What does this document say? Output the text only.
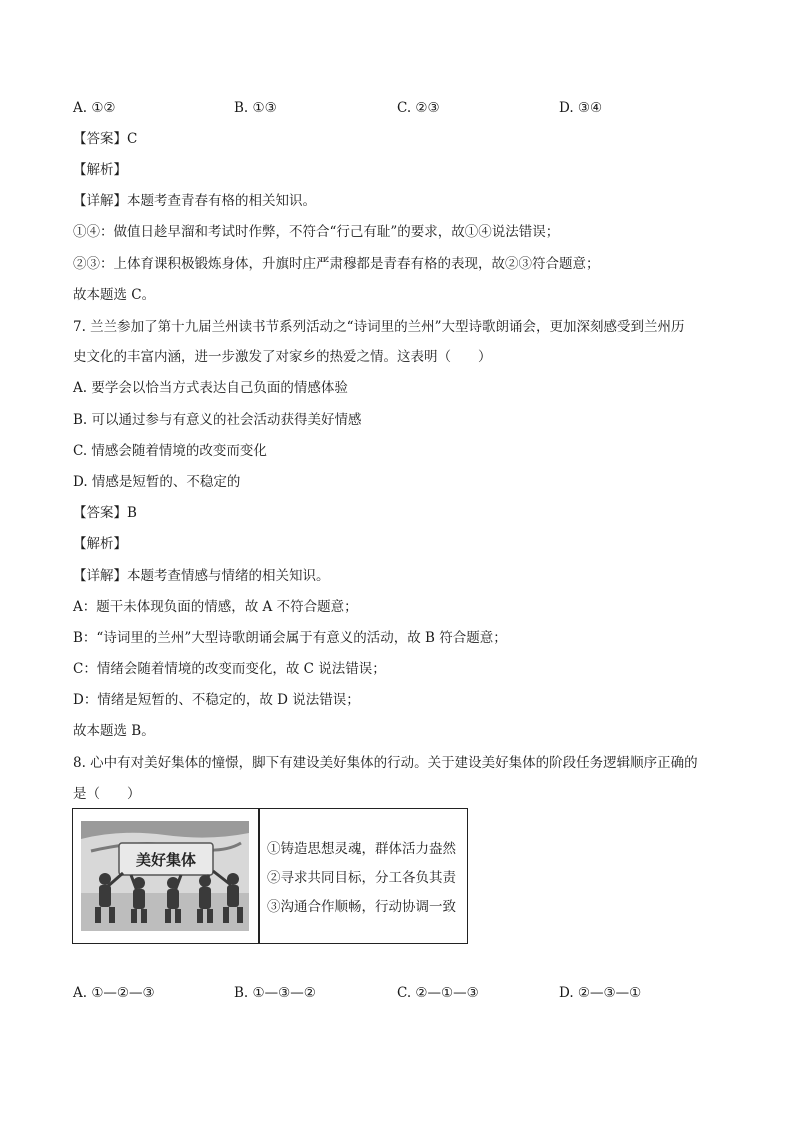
A. ①②	B. ①③	C. ②③	D. ③④
【答案】C
【解析】
【详解】本题考查青春有格的相关知识。
①④：做值日趁早溜和考试时作弊，不符合“行己有耻”的要求，故①④说法错误；
②③：上体育课积极锻炼身体，升旗时庄严肃穆都是青春有格的表现，故②③符合题意；
故本题选 C。
7. 兰兰参加了第十九届兰州读书节系列活动之“诗词里的兰州”大型诗歌朗诵会，更加深刻感受到兰州历
史文化的丰富内涵，进一步激发了对家乡的热爱之情。这表明（　　）
A. 要学会以恰当方式表达自己负面的情感体验
B. 可以通过参与有意义的社会活动获得美好情感
C. 情感会随着情境的改变而变化
D. 情感是短暂的、不稳定的
【答案】B
【解析】
【详解】本题考查情感与情绪的相关知识。
A：题干未体现负面的情感，故 A 不符合题意；
B：“诗词里的兰州”大型诗歌朗诵会属于有意义的活动，故 B 符合题意；
C：情绪会随着情境的改变而变化，故 C 说法错误；
D：情绪是短暂的、不稳定的，故 D 说法错误；
故本题选 B。
8. 心中有对美好集体的憧憬，脚下有建设美好集体的行动。关于建设美好集体的阶段任务逻辑顺序正确的
是（　　）
美好集体
①铸造思想灵魂，群体活力盎然
②寻求共同目标，分工各负其责
③沟通合作顺畅，行动协调一致
A. ①—②—③	B. ①—③—②	C. ②—①—③	D. ②—③—①
